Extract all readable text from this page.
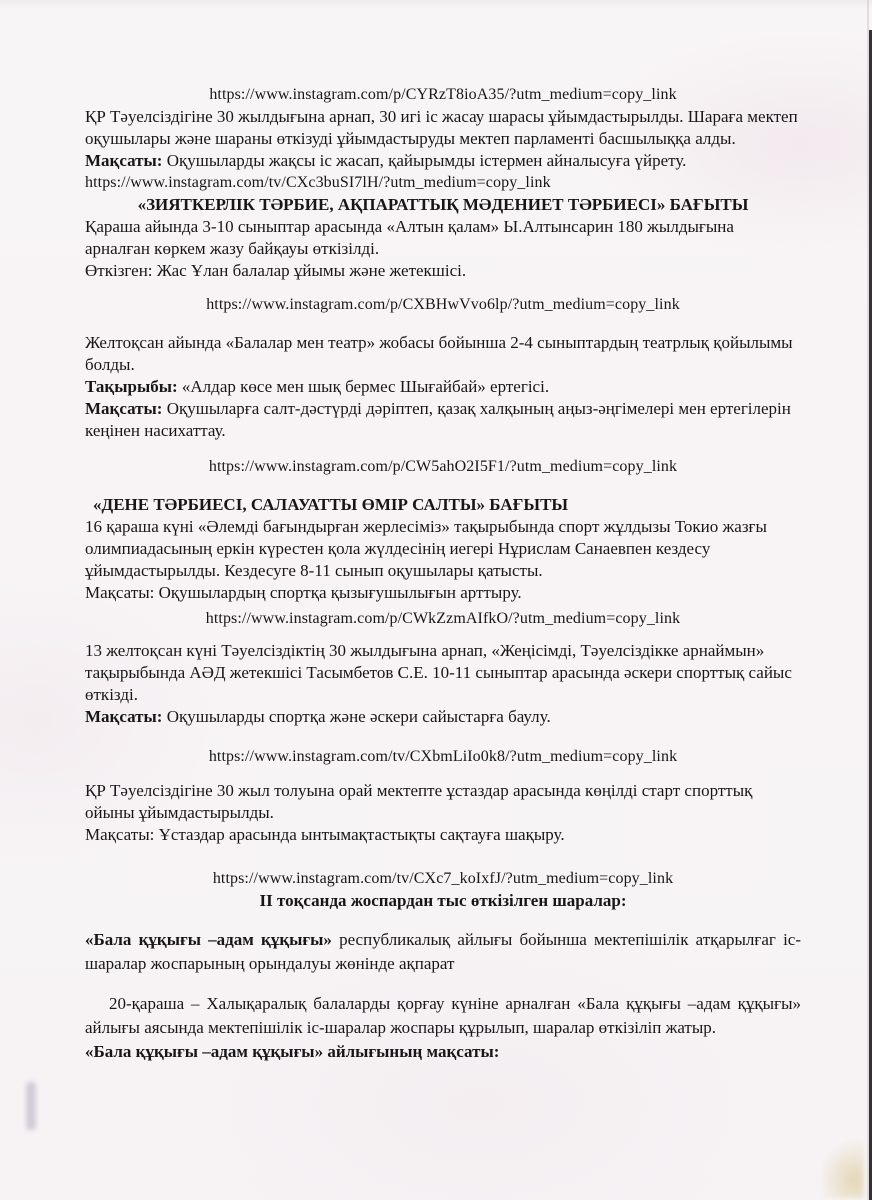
https://www.instagram.com/p/CYRzT8ioA35/?utm_medium=copy_link

ҚР Тәуелсіздігіне 30 жылдығына арнап, 30 игі іс жасау шарасы ұйымдастырылды. Шараға мектеп оқушылары және шараны өткізуді ұйымдастыруды мектеп парламенті басшылыққа алды.

Мақсаты: Оқушыларды жақсы іс жасап, қайырымды істермен айналысуға үйрету.

https://www.instagram.com/tv/CXc3buSI7lH/?utm_medium=copy_link

«ЗИЯТКЕРЛІК ТӘРБИЕ, АҚПАРАТТЫҚ МӘДЕНИЕТ ТӘРБИЕСІ» БАҒЫТЫ

Қараша айында 3-10 сыныптар арасында «Алтын қалам» Ы.Алтынсарин 180 жылдығына арналған көркем жазу байқауы өткізілді.

Өткізген: Жас Ұлан балалар ұйымы және жетекшісі.

https://www.instagram.com/p/CXBHwVvo6lp/?utm_medium=copy_link

Желтоқсан айында «Балалар мен театр» жобасы бойынша 2-4 сыныптардың театрлық қойылымы болды.

Тақырыбы: «Алдар көсе мен шық бермес Шығайбай» ертегісі.

Мақсаты: Оқушыларға салт-дәстүрді дәріптеп, қазақ халқының аңыз-әңгімелері мен ертегілерін кеңінен насихаттау.

https://www.instagram.com/p/CW5ahO2I5F1/?utm_medium=copy_link

«ДЕНЕ ТӘРБИЕСІ, САЛАУАТТЫ ӨМІР САЛТЫ» БАҒЫТЫ

16 қараша күні «Әлемді бағындырған жерлесіміз» тақырыбында спорт жұлдызы Токио жазғы олимпиадасының еркін күрестен қола жүлдесінің иегері Нұрислам Санаевпен кездесу ұйымдастырылды. Кездесуге 8-11 сынып оқушылары қатысты.

Мақсаты: Оқушылардың спортқа қызығушылығын арттыру.

https://www.instagram.com/p/CWkZzmAIfkO/?utm_medium=copy_link

13 желтоқсан күні Тәуелсіздіктің 30 жылдығына арнап, «Жеңісімді, Тәуелсіздікке арнаймын» тақырыбында АӘД жетекшісі Тасымбетов С.Е. 10-11 сыныптар арасында әскери спорттық сайыс өткізді.

Мақсаты: Оқушыларды спортқа және әскери сайыстарға баулу.

https://www.instagram.com/tv/CXbmLiIo0k8/?utm_medium=copy_link

ҚР Тәуелсіздігіне 30 жыл толуына орай мектепте ұстаздар арасында көңілді старт спорттық ойыны ұйымдастырылды.

Мақсаты: Ұстаздар арасында ынтымақтастықты сақтауға шақыру.

https://www.instagram.com/tv/CXc7_koIxfJ/?utm_medium=copy_link

ІІ тоқсанда жоспардан тыс өткізілген шаралар:

«Бала құқығы –адам құқығы» республикалық айлығы бойынша мектепішілік атқарылғаг іс-шаралар жоспарының орындалуы жөнінде ақпарат

20-қараша – Халықаралық балаларды қорғау күніне арналған «Бала құқығы –адам құқығы» айлығы аясында мектепішілік іс-шаралар жоспары құрылып, шаралар өткізіліп жатыр.

«Бала құқығы –адам құқығы» айлығының мақсаты:
